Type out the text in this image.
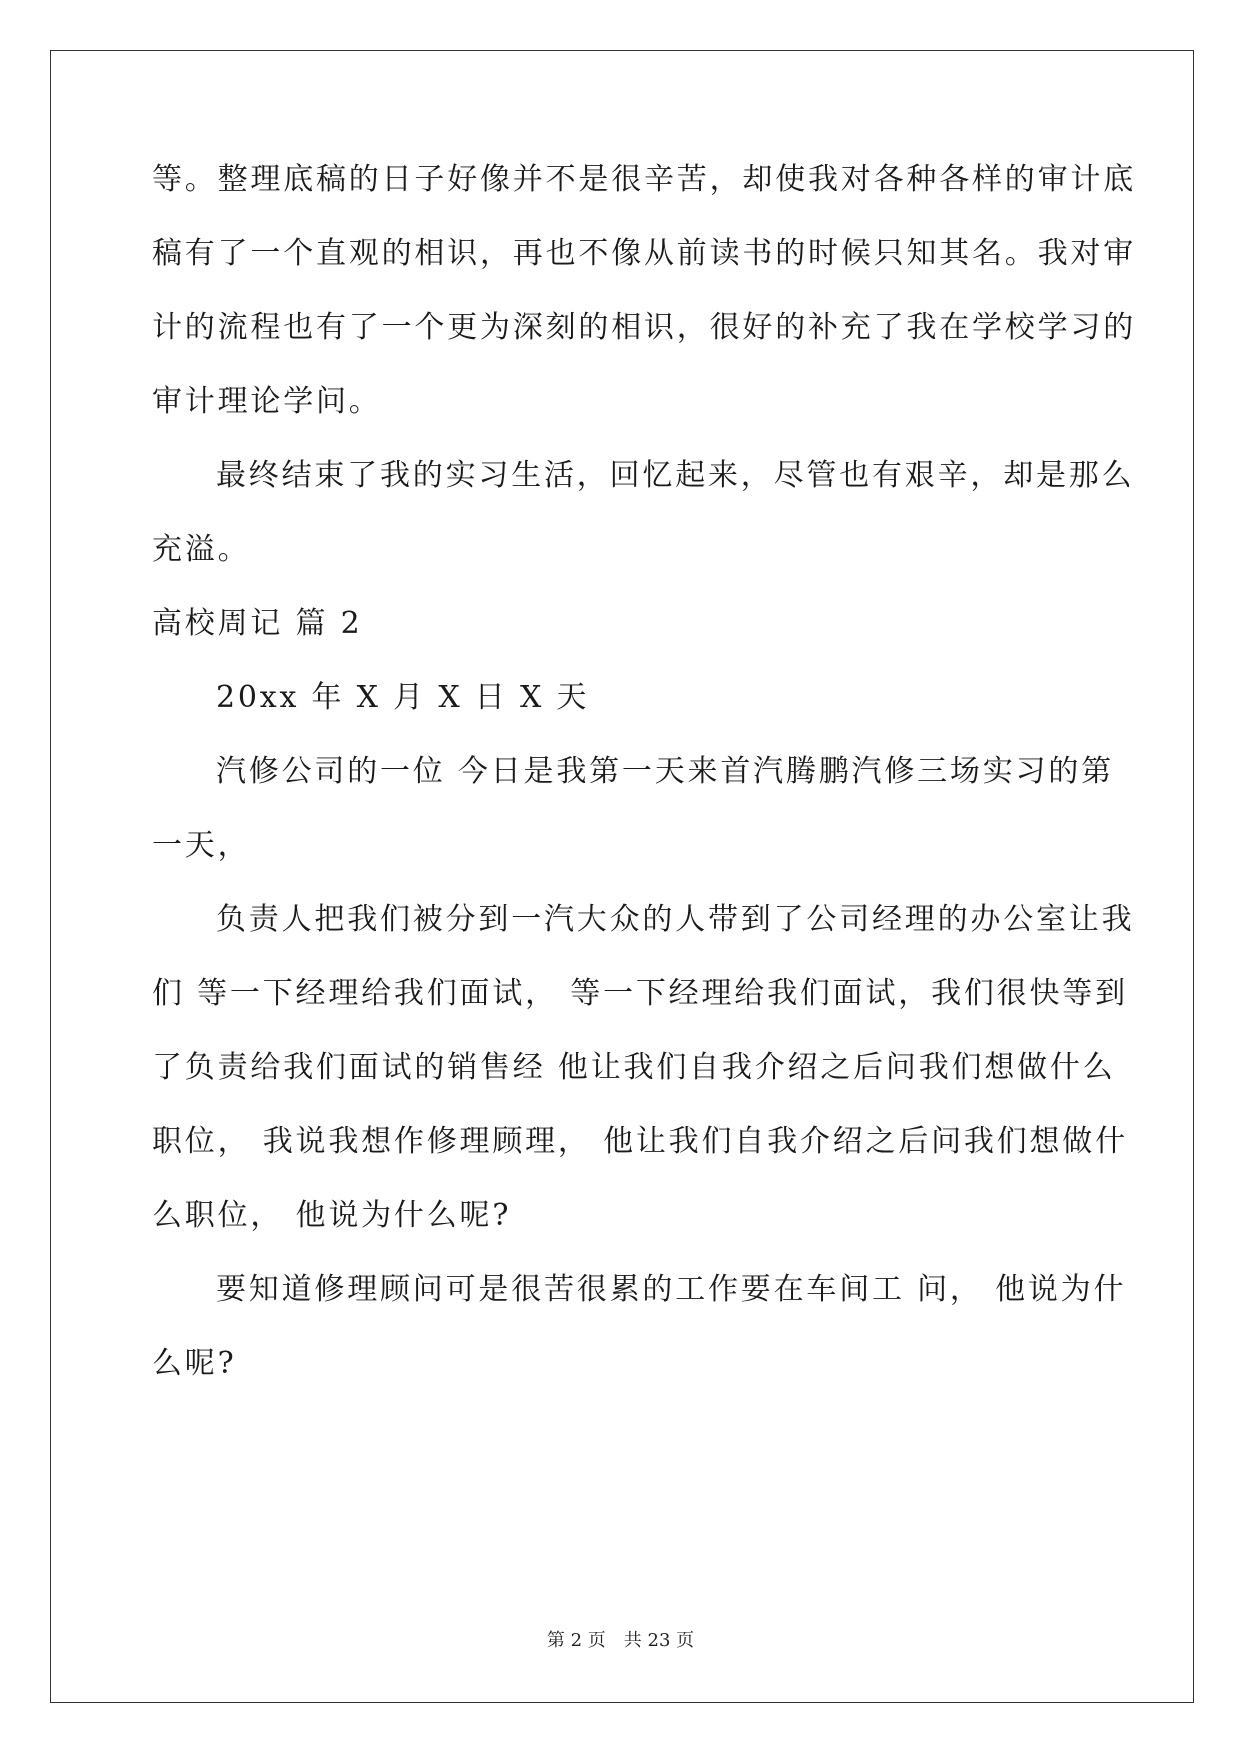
等。整理底稿的日子好像并不是很辛苦，却使我对各种各样的审计底
稿有了一个直观的相识，再也不像从前读书的时候只知其名。我对审
计的流程也有了一个更为深刻的相识，很好的补充了我在学校学习的
审计理论学问。
最终结束了我的实习生活，回忆起来，尽管也有艰辛，却是那么
充溢。
高校周记 篇 2
20xx 年 X 月 X 日 X 天
汽修公司的一位 今日是我第一天来首汽腾鹏汽修三场实习的第
一天，
负责人把我们被分到一汽大众的人带到了公司经理的办公室让我
们 等一下经理给我们面试， 等一下经理给我们面试，我们很快等到
了负责给我们面试的销售经 他让我们自我介绍之后问我们想做什么
职位， 我说我想作修理顾理， 他让我们自我介绍之后问我们想做什
么职位， 他说为什么呢?
要知道修理顾问可是很苦很累的工作要在车间工 问， 他说为什
么呢?
第 2 页 共 23 页
